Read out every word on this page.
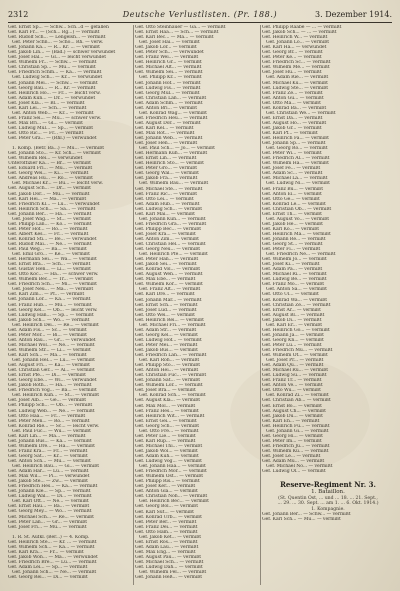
2312	Deutsche Verlustlisten. (Pr. 188.)	3. Dezember 1914.
Gef. Ernst Sp... — Schw... Sch...d — gefallen
Gef. Karl Fr... — (Sch... Rg...) — vermißt
Gef. Rudolf Sch... — Lengelsh... — vermißt
Gef. Peter Schn... — Schö... Rh. — verw.
Gef. Johann Ka... — R... Kr. ... — vermißt
Gef. Jakob Lin... — (Bad.) — schwer verwundet
Gef. Josef Hal... — Gl... — leicht verwundet
Gef. Wilhelm Fr... — Schw... — vermißt
Gef. Christian Sp... — Mü... — vermißt
Gef. Friedrich Schm... — Ka... — vermißt
Gef. Ludwig Sch... — Kr... — verwundet
Gef. Johann Mei... — Schw... — vermißt
Gef. Georg Bau... — R... Kr. — vermißt
Gef. Heinrich Ho... — Fr... — leicht verw.
Gef. Adam Kun... — Dr... — verwundet
Gef. Josef Kla... — Bl... — vermißt
Gef. Karl Lei... — Sch... — vermißt
Gef. Anton Web... — Kr... — vermißt
Gef. Franz Sei... — Mü... — schwer verw.
Gef. Max Bri... — Gl... — vermißt
Gef. Ludwig Mül... — Sp... — vermißt
Gef. Otto Ric... — Fr... — vermißt
Gef. Peter Gra... — (Rhl.) — verwundet
1. Komp. (Betr. Ba...) — Mü... — vermißt
Gef. Johann Sto... — Kr. Sch... — vermißt
Gef. Wilhelm Rei... — verwundet
Unteroffizier Ka... — Br... — vermißt
Gef. Eduard Fri... — Mü... — vermißt
Gef. Georg Wei... — Ki... — vermißt
Gef. Andreas Hu... — Ro... — vermißt
Gef. Michael Kr... — Bu... — leicht verw.
Gef. August Sch... — Dr... — vermißt
Gef. Jakob Dör... — Mü... — vermißt
Gef. Karl Hei... — Ma... — vermißt
Gef. Friedrich Kl... — Lu... — verwundet
Gef. Heinrich Sch... — Sa... — vermißt
Gef. Johann Ber... — Ha... — vermißt
Gef. Josef Wag... — St... — vermißt
Gef. Philipp Lan... — Ko... — vermißt
Gef. Peter Hof... — Ro... — vermißt
Gef. Albert Kes... — Fr... — vermißt
Gef. Konrad Sti... — Be... — verwundet
Gef. Rudolf Mai... — Ne... — vermißt
Gef. Paul Weg... — Ba... — vermißt
Gef. Emil Gro... — Ke... — vermißt
Gef. Hermann Sei... — Wa... — vermißt
Gef. Ernst Bra... — Sch... — vermißt
Gef. Gustav Hen... — Li... — vermißt
Gef. Otto Koc... — Ha... — schwer verw.
Gef. Wilhelm Bec... — Tr... — vermißt
Gef. Friedrich Sch... — Mi... — vermißt
Gef. Josef Neu... — Ma... — vermißt
Gef. Karl Zim... — Pf... — vermißt
Gef. Johann Lor... — Ka... — vermißt
Gef. Franz Hub... — Mü... — vermißt
Gef. Georg Kel... — Ob... — leicht verw.
Gef. Ludwig Han... — Sp... — vermißt
Gef. Jakob Sch... — Wo... — vermißt
Gef. Heinrich Dei... — Re... — vermißt
Gef. Adam Fis... — Sc... — vermißt
Gef. Peter Mor... — Bi... — vermißt
Gef. Anton Rau... — Gr... — verwundet
Gef. Michael Wol... — Ne... — vermißt
Gef. Wilhelm Str... — Li... — vermißt
Gef. Karl Sch... — Ma... — vermißt
Gef. Johann Hel... — Lu... — vermißt
Gef. August Fri... — Ka... — vermißt
Gef. Christian Ger... — Al... — vermißt
Gef. Ernst Pfe... — Di... — vermißt
Gef. Georg Ebe... — Wi... — verwundet
Gef. Jakob Roth... — Ha... — vermißt
Gef. Friedrich Vog... — Ba... — vermißt
Gef. Heinrich Kuh... — St... — vermißt
Gef. Josef Alb... — Ge... — vermißt
Gef. Philipp Sch... — Ob... — vermißt
Gef. Ludwig Web... — Ne... — vermißt
Gef. Otto Haa... — Fr... — vermißt
Gef. Peter Men... — Ro... — vermißt
Gef. Konrad Rie... — Sc... — leicht verw.
Gef. Paul Fuc... — Wü... — vermißt
Gef. Karl Lin... — Ma... — vermißt
Gef. Johann Bus... — Ka... — vermißt
Gef. Wilhelm Dre... — Ha... — vermißt
Gef. Franz Kra... — Fr... — vermißt
Gef. Georg Sat... — Kr... — vermißt
Gef. Anton Sch... — Mü... — vermißt
Gef. Heinrich Bau... — Gi... — vermißt
Gef. Adam Har... — Lu... — vermißt
Gef. Max Wil... — Pi... — verwundet
Gef. Jakob Ste... — Zw... — vermißt
Gef. Friedrich Hes... — Ka... — vermißt
Gef. Johann Kle... — Sp... — vermißt
Gef. Ludwig Wal... — Di... — vermißt
Gef. Karl Ott... — Ne... — vermißt
Gef. Ernst Hau... — Ba... — vermißt
Gef. Georg Mey... — Wo... — vermißt
Gef. Michael Sch... — Re... — vermißt
Gef. Peter Lan... — Gr... — vermißt
Gef. Josef Fri... — Mü... — vermißt
1. R. St. Aufkl. (Ber...) — 4. Komp.
Gef. Heinrich Ste... — Kr. ... — vermißt
Gef. Wilhelm Sch... — Ka... — vermißt
Gef. Karl Kra... — Fr... — vermißt
Gef. Jakob Won... — Ma... — verwundet
Gef. Friedrich Bre... — Lu... — vermißt
Gef. Adam Lei... — Sp... — vermißt
Gef. Johann Sch... — Ne... — vermißt
Gef. Georg Rei... — Di... — vermißt
Gef. Otto Steinhauer — Ga... — vermißt
Gef. Ernst Haa... — Sch... — vermißt
Gef. Karl Bec... — Ma... — vermißt
Gef. Josef Hai... — vermißt
Gef. Jakob Lor... — vermißt
Gef. Peter Sch... — verwundet
Gef. Franz Wei... — vermißt
Gef. Heinrich Gr... — vermißt
Gef. Michael Alt... — vermißt
Gef. Wilhelm Sei... — vermißt
Gef. Philipp Kr... — vermißt
Gef. Johann Hof... — vermißt
Gef. Ludwig Fis... — vermißt
Gef. Georg Mül... — vermißt
Gef. Christian Lan... — vermißt
Gef. Adam Schm... — vermißt
Gef. Anton Bri... — vermißt
Gef. Konrad Wag... — vermißt
Gef. Friedrich Heu... — vermißt
Gef. August Dör... — vermißt
Gef. Karl Kel... — vermißt
Gef. Max Rot... — vermißt
Gef. Johann Web... — vermißt
Gef. Josef Hen... — vermißt
Gef. Paul Sch... — Jo... — vermißt
Gef. Hermann Küh... — vermißt
Gef. Ernst Lin... — vermißt
Gef. Heinrich Sto... — vermißt
Gef. Peter Gro... — vermißt
Gef. Georg Wal... — vermißt
Gef. Jakob Fra... — vermißt
Gef. Wilhelm Bau... — vermißt
Gef. Michael Ste... — vermißt
Gef. Franz Ric... — vermißt
Gef. Otto Lei... — vermißt
Gef. Adam Hub... — vermißt
Gef. Ludwig Sch... — vermißt
Gef. Karl Mai... — vermißt
Gef. Johann Kun... — vermißt
Gef. Friedrich Gra... — vermißt
Gef. Philipp Bec... — vermißt
Gef. Josef Kra... — vermißt
Gef. Anton Zim... — vermißt
Gef. Christian Hel... — vermißt
Gef. Georg Neu... — vermißt
Gef. Heinrich Pfe... — vermißt
Gef. Peter Han... — vermißt
Gef. Jakob Sei... — vermißt
Gef. Konrad Vol... — vermißt
Gef. August Wen... — vermißt
Gef. Max Ebe... — vermißt
Gef. Wilhelm Kor... — vermißt
Gef. Franz Alt... — vermißt
Gef. Karl Dre... — vermißt
Gef. Johann Mar... — vermißt
Gef. Ernst Sch... — vermißt
Gef. Josef Lud... — vermißt
Gef. Otto Wei... — vermißt
Gef. Heinrich Rei... — vermißt
Gef. Michael Fri... — vermißt
Gef. Adam Str... — vermißt
Gef. Georg Kel... — vermißt
Gef. Ludwig Hof... — vermißt
Gef. Peter Mei... — vermißt
Gef. Jakob Bus... — vermißt
Gef. Friedrich Lan... — vermißt
Gef. Karl Roh... — vermißt
Gef. Philipp Sto... — vermißt
Gef. Anton Hei... — vermißt
Gef. Christian Fuc... — vermißt
Gef. Johann Sat... — vermißt
Gef. Wilhelm Lor... — vermißt
Gef. Josef Bra... — vermißt
Gef. Konrad Sch... — vermißt
Gef. August Kla... — vermißt
Gef. Max Mol... — vermißt
Gef. Franz Hes... — vermißt
Gef. Heinrich Wit... — vermißt
Gef. Ernst Gei... — vermißt
Gef. Georg Sch... — vermißt
Gef. Otto Fre... — vermißt
Gef. Peter Lie... — vermißt
Gef. Karl Rup... — vermißt
Gef. Michael Thi... — vermißt
Gef. Jakob Wol... — vermißt
Gef. Adam Kuh... — vermißt
Gef. Ludwig Vog... — vermißt
Gef. Johann Haa... — vermißt
Gef. Friedrich Mor... — vermißt
Gef. Wilhelm Ost... — vermißt
Gef. Philipp Ris... — vermißt
Gef. Josef Ker... — vermißt
Gef. Anton Gla... — vermißt
Gef. Christian Noh... — vermißt
Gef. Heinrich Bec... — vermißt
Gef. Georg Bol... — vermißt
Gef. Karl Sut... — vermißt
Gef. Konrad Urb... — vermißt
Gef. Peter Ber... — vermißt
Gef. Franz Dei... — vermißt
Gef. Otto Ham... — vermißt
Gef. Jakob Ket... — vermißt
Gef. Ernst Ros... — vermißt
Gef. Adam Lau... — vermißt
Gef. Max Eng... — vermißt
Gef. August Pau... — vermißt
Gef. Michael Sch... — vermißt
Gef. Ludwig Dah... — vermißt
Gef. Wilhelm Fel... — vermißt
Gef. Johann Heß... — vermißt
Gef. Philipp Raabe — ... — vermißt
Gef. Jakob Sch... — ... — vermißt
Gef. Heinrich W... — vermißt
Gef. Johann Lo... — vermißt
Gef. Karl Ha... — verwundet
Gef. Georg Br... — vermißt
Gef. Peter Ke... — vermißt
Gef. Friedrich Sc... — vermißt
Gef. Wilhelm Me... — vermißt
Gef. Josef Hu... — vermißt
Gef. Adam Rie... — vermißt
Gef. Michael Ku... — vermißt
Gef. Ludwig Ste... — vermißt
Gef. Franz Ze... — vermißt
Gef. Anton Gu... — vermißt
Gef. Otto Ma... — vermißt
Gef. Konrad Ba... — vermißt
Gef. Christian We... — vermißt
Gef. Ernst Da... — vermißt
Gef. August Ho... — vermißt
Gef. Jakob Gr... — vermißt
Gef. Karl Pf... — vermißt
Gef. Heinrich Fa... — vermißt
Gef. Johann Sp... — vermißt
Gef. Georg Ro... — vermißt
Gef. Peter Wi... — vermißt
Gef. Friedrich Al... — vermißt
Gef. Wilhelm Ha... — vermißt
Gef. Josef Fe... — vermißt
Gef. Adam Sc... — vermißt
Gef. Michael La... — vermißt
Gef. Ludwig Ni... — vermißt
Gef. Franz Bu... — vermißt
Gef. Anton Ei... — vermißt
Gef. Otto Ge... — vermißt
Gef. Konrad Le... — vermißt
Gef. Christian Ob... — vermißt
Gef. Ernst Th... — vermißt
Gef. August Vo... — vermißt
Gef. Jakob He... — vermißt
Gef. Karl Ko... — vermißt
Gef. Heinrich Ma... — vermißt
Gef. Johann Re... — vermißt
Gef. Georg St... — vermißt
Gef. Peter Fi... — vermißt
Gef. Friedrich Ne... — vermißt
Gef. Wilhelm Jo... — vermißt
Gef. Josef Ki... — vermißt
Gef. Adam Pa... — vermißt
Gef. Michael Ri... — vermißt
Gef. Ludwig Be... — vermißt
Gef. Franz Mo... — vermißt
Gef. Anton Sa... — vermißt
Gef. Otto Ul... — vermißt
Gef. Konrad Wa... — vermißt
Gef. Christian Ze... — vermißt
Gef. Ernst Ar... — vermißt
Gef. August Bl... — vermißt
Gef. Jakob Di... — vermißt
Gef. Karl Er... — vermißt
Gef. Heinrich Gö... — vermißt
Gef. Johann Ja... — vermißt
Gef. Georg Kn... — vermißt
Gef. Peter Lü... — vermißt
Gef. Friedrich Mü... — vermißt
Gef. Wilhelm Ot... — vermißt
Gef. Josef Pr... — vermißt
Gef. Adam Qu... — vermißt
Gef. Michael Ru... — vermißt
Gef. Ludwig Sü... — vermißt
Gef. Franz Tr... — vermißt
Gef. Anton Ve... — vermißt
Gef. Otto Wu... — vermißt
Gef. Konrad Zi... — vermißt
Gef. Christian Ab... — vermißt
Gef. Ernst Bo... — vermißt
Gef. August Ch... — vermißt
Gef. Jakob Du... — vermißt
Gef. Karl Eh... — vermißt
Gef. Heinrich Fu... — vermißt
Gef. Johann Gi... — vermißt
Gef. Georg Hi... — vermißt
Gef. Peter Im... — vermißt
Gef. Friedrich Ju... — vermißt
Gef. Wilhelm Kü... — vermißt
Gef. Josef Le... — vermißt
Gef. Adam Mü... — vermißt
Gef. Michael No... — vermißt
Gef. Ludwig Ol... — vermißt
Reserve-Regiment Nr. 3.
1. Bataillon.
(St. Quentin Ost, ... und ... 18. ... 21. Sept.,
... 29. ... 30. Sept. ... am 1. ... 6. Okt. 1914.)
1. Kompagnie.
Gef. Johann Ber... — Schw... — vermißt
Gef. Karl Sch... — Mü... — vermißt
